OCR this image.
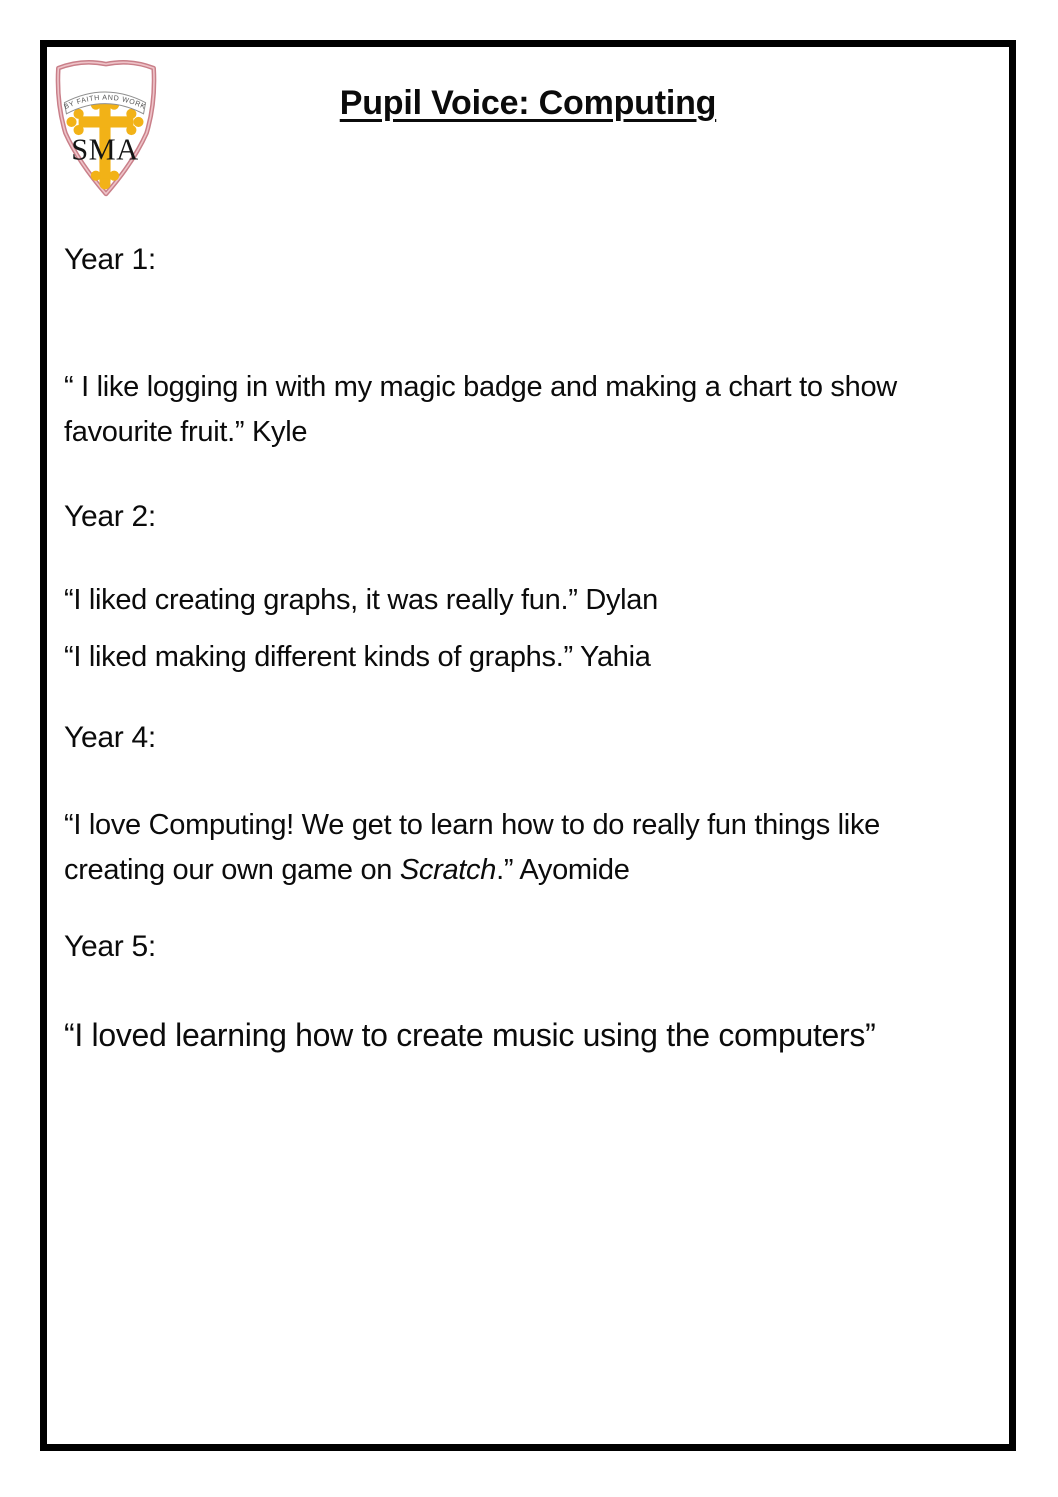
BY FAITH AND WORK
SMA
Pupil Voice: Computing
Year 1:

“ I like logging in with my magic badge and making a chart to show favourite fruit.” Kyle

Year 2:

“I liked creating graphs, it was really fun.” Dylan

“I liked making different kinds of graphs.” Yahia

Year 4:

“I love Computing! We get to learn how to do really fun things like creating our own game on Scratch.” Ayomide

Year 5:

“I loved learning how to create music using the computers”
